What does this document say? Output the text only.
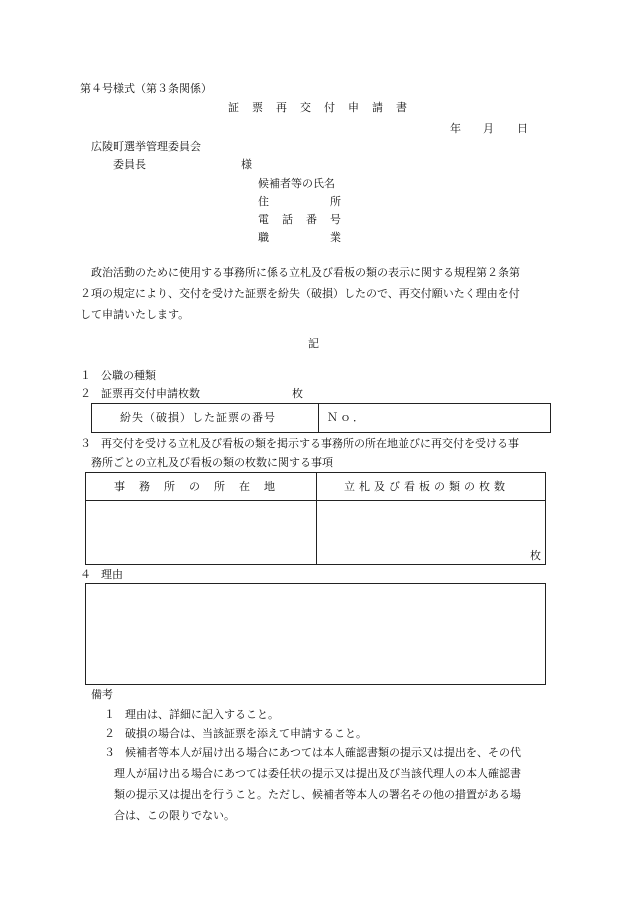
第４号様式（第３条関係）
証票再交付申請書
年 月 日
広陵町選挙管理委員会
委員長	様
候補者等の氏名
住	所
電話番号
職	業
　政治活動のために使用する事務所に係る立札及び看板の類の表示に関する規程第２条第
２項の規定により、交付を受けた証票を紛失（破損）したので、再交付願いたく理由を付
して申請いたします。
記
１ 公職の種類
２ 証票再交付申請枚数	枚
紛失（破損）した証票の番号	Ｎｏ．
３ 再交付を受ける立札及び看板の類を掲示する事務所の所在地並びに再交付を受ける事
務所ごとの立札及び看板の類の枚数に関する事項
事務所の所在地	立札及び看板の類の枚数
枚
４ 理由
備考
１ 理由は、詳細に記入すること。
２ 破損の場合は、当該証票を添えて申請すること。
３ 候補者等本人が届け出る場合にあつては本人確認書類の提示又は提出を、その代
理人が届け出る場合にあつては委任状の提示又は提出及び当該代理人の本人確認書
類の提示又は提出を行うこと。ただし、候補者等本人の署名その他の措置がある場
合は、この限りでない。
